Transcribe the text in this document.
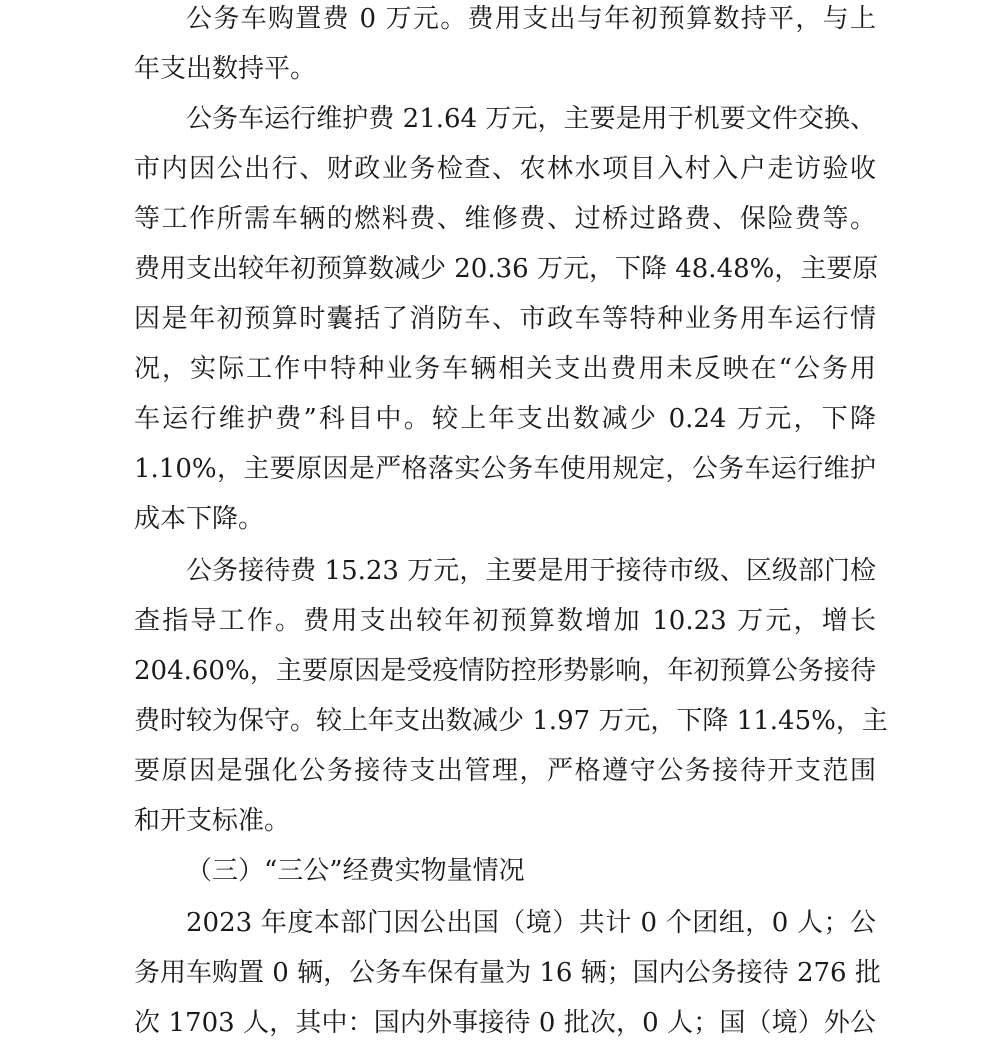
公务车购置费 0 万元。费用支出与年初预算数持平，与上
年支出数持平。
公务车运行维护费 21.64 万元，主要是用于机要文件交换、
市内因公出行、财政业务检查、农林水项目入村入户走访验收
等工作所需车辆的燃料费、维修费、过桥过路费、保险费等。
费用支出较年初预算数减少 20.36 万元，下降 48.48%，主要原
因是年初预算时囊括了消防车、市政车等特种业务用车运行情
况，实际工作中特种业务车辆相关支出费用未反映在“公务用
车运行维护费”科目中。较上年支出数减少 0.24 万元，下降
1.10%，主要原因是严格落实公务车使用规定，公务车运行维护
成本下降。
公务接待费 15.23 万元，主要是用于接待市级、区级部门检
查指导工作。费用支出较年初预算数增加 10.23 万元，增长
204.60%，主要原因是受疫情防控形势影响，年初预算公务接待
费时较为保守。较上年支出数减少 1.97 万元，下降 11.45%，主
要原因是强化公务接待支出管理，严格遵守公务接待开支范围
和开支标准。
（三）“三公”经费实物量情况
2023 年度本部门因公出国（境）共计 0 个团组，0 人；公
务用车购置 0 辆，公务车保有量为 16 辆；国内公务接待 276 批
次 1703 人，其中：国内外事接待 0 批次，0 人；国（境）外公
